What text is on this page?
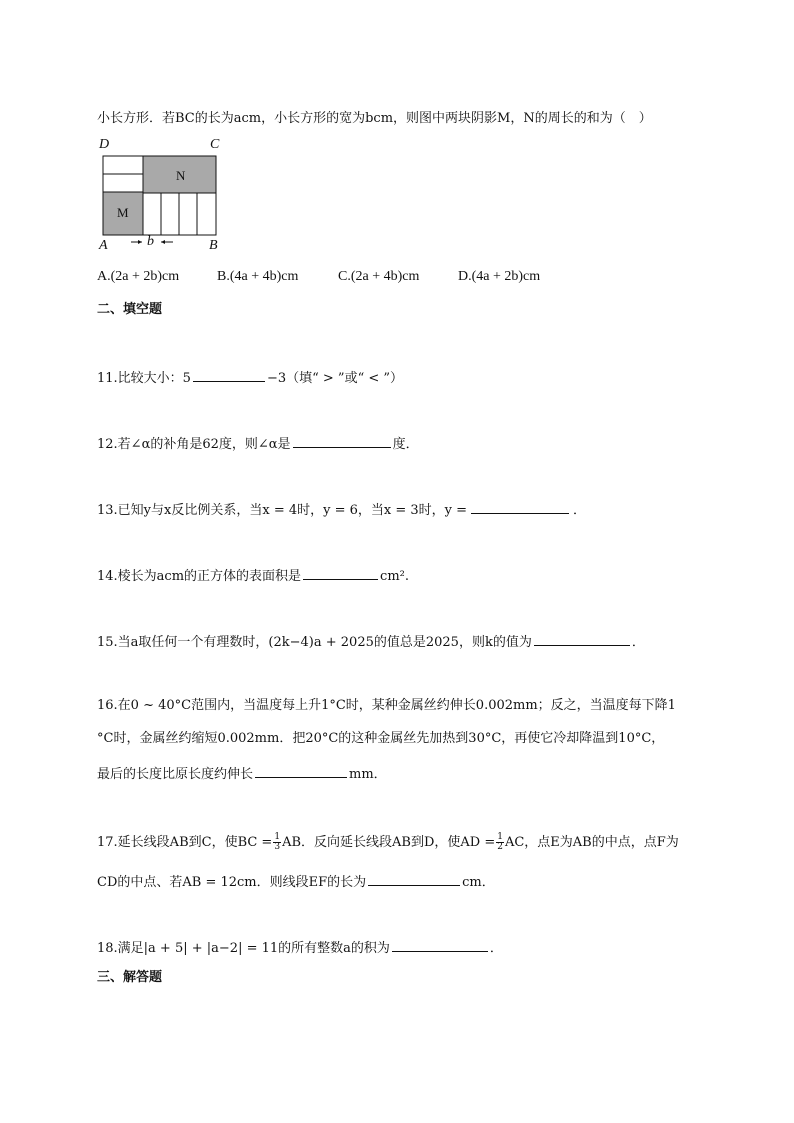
小长方形．若BC的长为acm，小长方形的宽为bcm，则图中两块阴影M，N的周长的和为（　）
D	C
A	B
N
M
b
A.(2a + 2b)cm	B.(4a + 4b)cm	C.(2a + 4b)cm	D.(4a + 2b)cm
二、填空题
11.比较大小：5	−3（填“ > ”或“ < ”）
12.若∠α的补角是62度，则∠α是	度．
13.已知y与x反比例关系，当x = 4时，y = 6，当x = 3时，y =	．
14.棱长为acm的正方体的表面积是	cm².
15.当a取任何一个有理数时，(2k−4)a + 2025的值总是2025，则k的值为	．
16.在0 ~ 40°C范围内，当温度每上升1°C时，某种金属丝约伸长0.002mm；反之，当温度每下降1
°C时，金属丝约缩短0.002mm．把20°C的这种金属丝先加热到30°C，再使它冷却降温到10°C，
最后的长度比原长度约伸长	mm．
17.延长线段AB到C，使BC = $\frac{1}{3}$ AB．反向延长线段AB到D，使AD = $\frac{1}{2}$ AC，点E为AB的中点，点F为
CD的中点、若AB = 12cm．则线段EF的长为	cm．
18.满足|a + 5| + |a−2| = 11的所有整数a的积为	．
三、解答题
